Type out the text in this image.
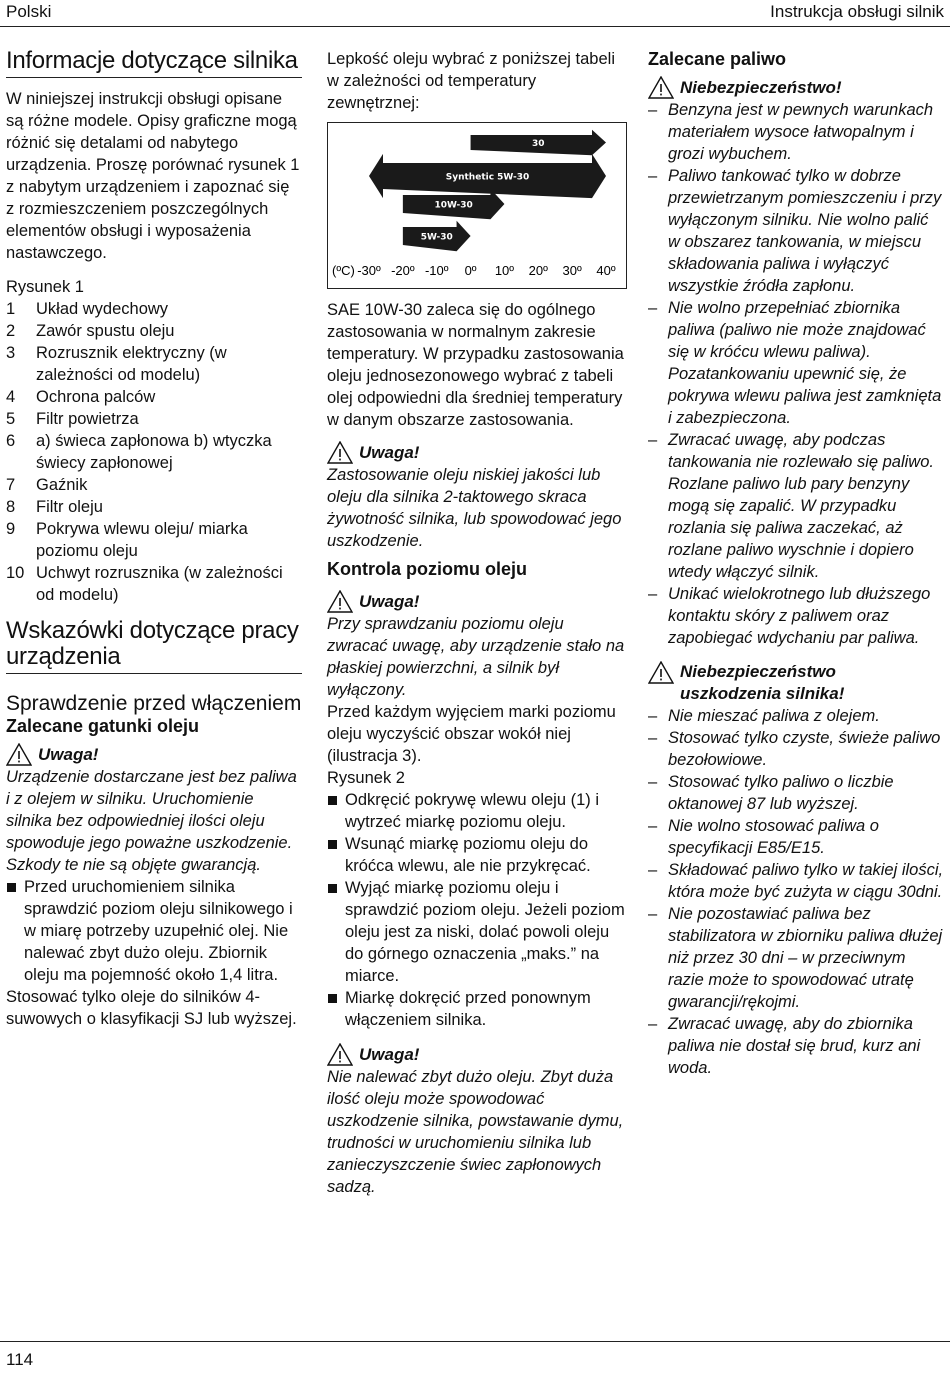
Polski	Instrukcja obsługi silnik
Informacje dotyczące silnika

W niniejszej instrukcji obsługi opisane są różne modele. Opisy graficzne mogą różnić się detalami od nabytego urządzenia. Proszę porównać rysunek 1 z nabytym urządzeniem i zapoznać się z rozmieszczeniem poszczególnych elementów obsługi i wyposażenia nastawczego.

Rysunek 1

1	Układ wydechowy
2	Zawór spustu oleju
3	Rozrusznik elektryczny (w zależności od modelu)
4	Ochrona palców
5	Filtr powietrza
6	a) świeca zapłonowa b) wtyczka świecy zapłonowej
7	Gaźnik
8	Filtr oleju
9	Pokrywa wlewu oleju/ miarka poziomu oleju
10 Uchwyt rozrusznika (w zależności od modelu)
Wskazówki dotyczące pracy urządzenia
Sprawdzenie przed włączeniem
Zalecane gatunki oleju
Uwaga!

Urządzenie dostarczane jest bez paliwa i z olejem w silniku. Uruchomienie silnika bez odpowiedniej ilości oleju spowoduje jego poważne uszkodzenie. Szkody te nie są objęte gwarancją.

Przed uruchomieniem silnika sprawdzić poziom oleju silnikowego i w miarę potrzeby uzupełnić olej. Nie nalewać zbyt dużo oleju. Zbiornik oleju ma pojemność około 1,4 litra.

Stosować tylko oleje do silników 4-suwowych o klasyfikacji SJ lub wyższej.

Lepkość oleju wybrać z poniższej tabeli w zależności od temperatury zewnętrznej:

30
Synthetic 5W-30
10W-30
5W-30
(ºC) -30º -20º -10º 0º 10º 20º 30º 40º

SAE 10W-30 zaleca się do ogólnego zastosowania w normalnym zakresie temperatury. W przypadku zastosowania oleju jednosezonowego wybrać z tabeli olej odpowiedni dla średniej temperatury w danym obszarze zastosowania.

Uwaga!

Zastosowanie oleju niskiej jakości lub oleju dla silnika 2-taktowego skraca żywotność silnika, lub spowodować jego uszkodzenie.

Kontrola poziomu oleju
Uwaga!

Przy sprawdzaniu poziomu oleju zwracać uwagę, aby urządzenie stało na płaskiej powierzchni, a silnik był wyłączony.

Przed każdym wyjęciem marki poziomu oleju wyczyścić obszar wokół niej (ilustracja 3).

Rysunek 2

Odkręcić pokrywę wlewu oleju (1) i wytrzeć miarkę poziomu oleju.
Wsunąć miarkę poziomu oleju do króćca wlewu, ale nie przykręcać.
Wyjąć miarkę poziomu oleju i sprawdzić poziom oleju. Jeżeli poziom oleju jest za niski, dolać powoli oleju do górnego oznaczenia „maks.” na miarce.
Miarkę dokręcić przed ponownym włączeniem silnika.
Uwaga!

Nie nalewać zbyt dużo oleju. Zbyt duża ilość oleju może spowodować uszkodzenie silnika, powstawanie dymu, trudności w uruchomieniu silnika lub zanieczyszczenie świec zapłonowych sadzą.

Zalecane paliwo
Niebezpieczeństwo!
– Benzyna jest w pewnych warunkach materiałem wysoce łatwopalnym i grozi wybuchem.
– Paliwo tankować tylko w dobrze przewietrzanym pomieszczeniu i przy wyłączonym silniku. Nie wolno palić w obszarez tankowania, w miejscu składowania paliwa i wyłączyć wszystkie źródła zapłonu.
– Nie wolno przepełniać zbiornika paliwa (paliwo nie może znajdować się w króćcu wlewu paliwa). Pozatankowaniu upewnić się, że pokrywa wlewu paliwa jest zamknięta i zabezpieczona.
– Zwracać uwagę, aby podczas tankowania nie rozlewało się paliwo. Rozlane paliwo lub pary benzyny mogą się zapalić. W przypadku rozlania się paliwa zaczekać, aż rozlane paliwo wyschnie i dopiero wtedy włączyć silnik.
– Unikać wielokrotnego lub dłuższego kontaktu skóry z paliwem oraz zapobiegać wdychaniu par paliwa.
Niebezpieczeństwo uszkodzenia silnika!
– Nie mieszać paliwa z olejem.
– Stosować tylko czyste, świeże paliwo bezołowiowe.
– Stosować tylko paliwo o liczbie oktanowej 87 lub wyższej.
– Nie wolno stosować paliwa o specyfikacji E85/E15.
– Składować paliwo tylko w takiej ilości, która może być zużyta w ciągu 30dni.
– Nie pozostawiać paliwa bez stabilizatora w zbiorniku paliwa dłużej niż przez 30 dni – w przeciwnym razie może to spowodować utratę gwarancji/rękojmi.
– Zwracać uwagę, aby do zbiornika paliwa nie dostał się brud, kurz ani woda.
114
